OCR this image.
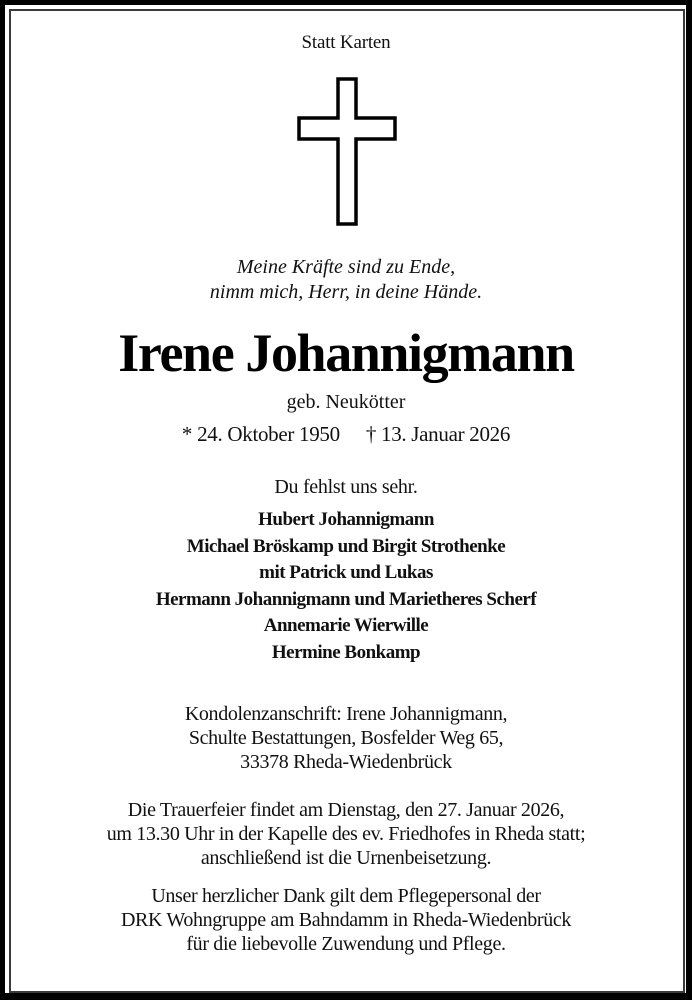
Statt Karten
Meine Kräfte sind zu Ende,
nimm mich, Herr, in deine Hände.
Irene Johannigmann
geb. Neukötter
* 24. Oktober 1950 † 13. Januar 2026
Du fehlst uns sehr.
Hubert Johannigmann
Michael Bröskamp und Birgit Strothenke
mit Patrick und Lukas
Hermann Johannigmann und Marietheres Scherf
Annemarie Wierwille
Hermine Bonkamp
Kondolenzanschrift: Irene Johannigmann,
Schulte Bestattungen, Bosfelder Weg 65,
33378 Rheda-Wiedenbrück
Die Trauerfeier findet am Dienstag, den 27. Januar 2026,
um 13.30 Uhr in der Kapelle des ev. Friedhofes in Rheda statt;
anschließend ist die Urnenbeisetzung.
Unser herzlicher Dank gilt dem Pflegepersonal der
DRK Wohngruppe am Bahndamm in Rheda-Wiedenbrück
für die liebevolle Zuwendung und Pflege.
